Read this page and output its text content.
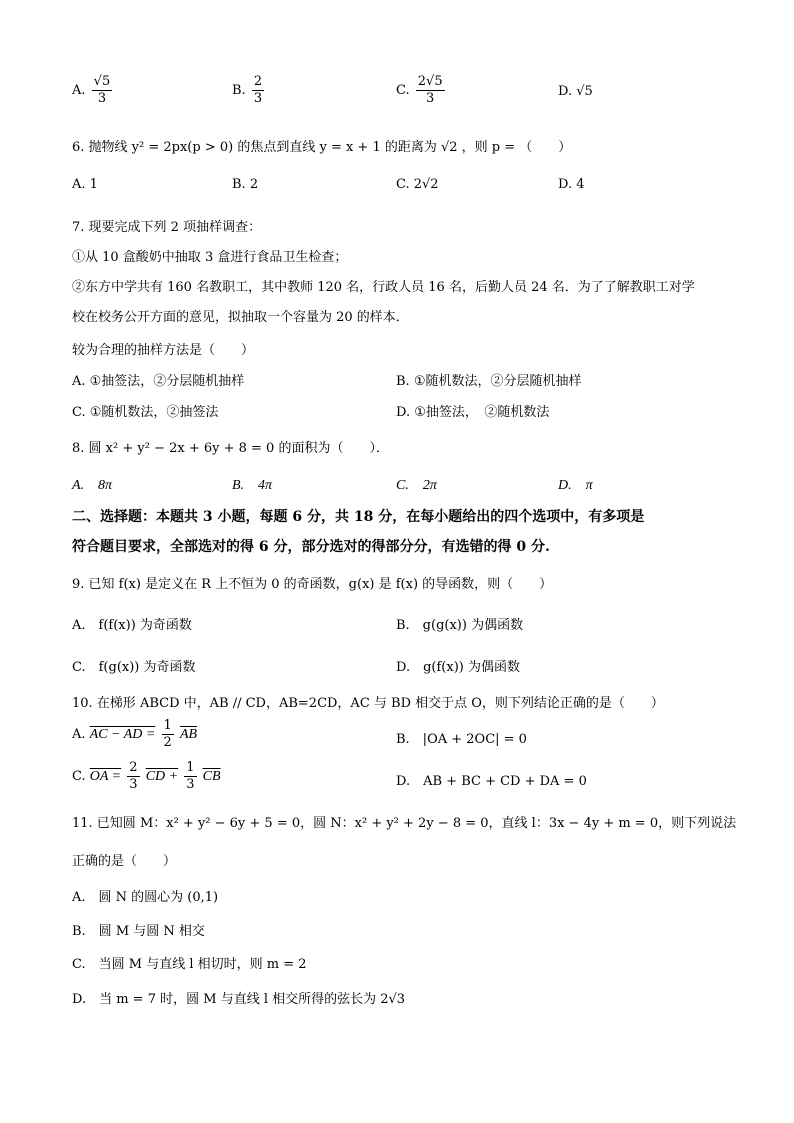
A. $\frac{√5}{3}$	B. $\frac{2}{3}$	C. $\frac{2√5}{3}$	D. √5
6. 抛物线 y² = 2px(p > 0) 的焦点到直线 y = x + 1 的距离为 √2 ，则 p = （　　）
A. 1	B. 2	C. 2√2	D. 4
7. 现要完成下列 2 项抽样调查：
①从 10 盒酸奶中抽取 3 盒进行食品卫生检查；
②东方中学共有 160 名教职工，其中教师 120 名，行政人员 16 名，后勤人员 24 名．为了了解教职工对学
校在校务公开方面的意见，拟抽取一个容量为 20 的样本．
较为合理的抽样方法是（　　）
A. ①抽签法，②分层随机抽样	B. ①随机数法，②分层随机抽样
C. ①随机数法，②抽签法	D. ①抽签法，　②随机数法
8. 圆 x² + y² − 2x + 6y + 8 = 0 的面积为（　　）．
A.　8π	B.　4π	C.　2π	D.　π
二、选择题：本题共 3 小题，每题 6 分，共 18 分，在每小题给出的四个选项中，有多项是
符合题目要求，全部选对的得 6 分，部分选对的得部分分，有选错的得 0 分.
9. 已知 f(x) 是定义在 R 上不恒为 0 的奇函数，g(x) 是 f(x) 的导函数，则（　　）
A.　f(f(x)) 为奇函数	B.　g(g(x)) 为偶函数
C.　f(g(x)) 为奇函数	D.　g(f(x)) 为偶函数
10. 在梯形 ABCD 中，AB // CD，AB=2CD，AC 与 BD 相交于点 O，则下列结论正确的是（　　）
A. AC − AD = $\frac{1}{2} \overline{AB}$	B.　|OA + 2OC| = 0
C. OA = $\frac{2}{3}$ CD + $\frac{1}{3} \overline{CB}$	D.　AB + BC + CD + DA = 0
11. 已知圆 M：x² + y² − 6y + 5 = 0，圆 N：x² + y² + 2y − 8 = 0，直线 l：3x − 4y + m = 0，则下列说法
正确的是（　　）
A.　圆 N 的圆心为 (0,1)
B.　圆 M 与圆 N 相交
C.　当圆 M 与直线 l 相切时，则 m = 2
D.　当 m = 7 时，圆 M 与直线 l 相交所得的弦长为 2√3
